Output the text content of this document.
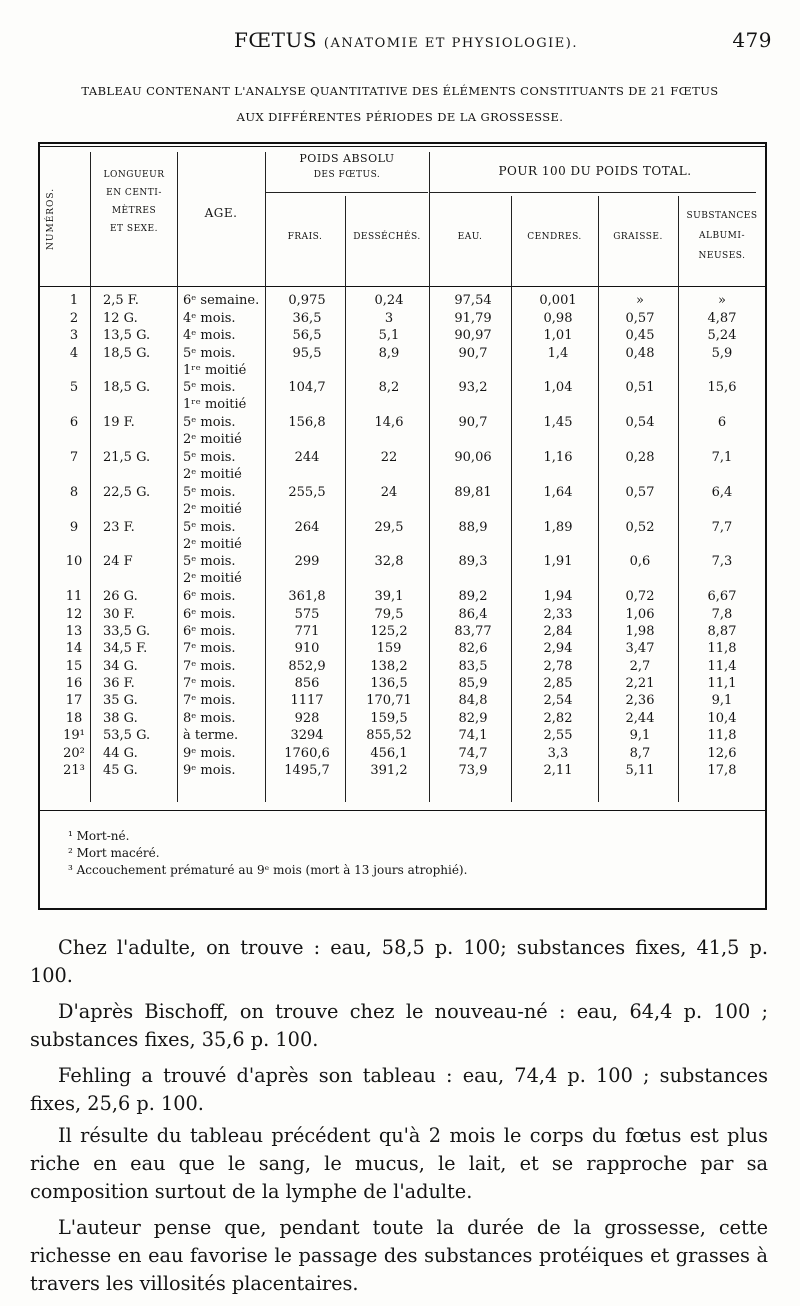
FŒTUS (ANATOMIE ET PHYSIOLOGIE).	479
TABLEAU CONTENANT L'ANALYSE QUANTITATIVE DES ÉLÉMENTS CONSTITUANTS DE 21 FŒTUS
AUX DIFFÉRENTES PÉRIODES DE LA GROSSESSE.
NUMÉROS.
LONGUEUR
EN CENTI-
MÈTRES
ET SEXE.
AGE.
POIDS ABSOLU
DES FŒTUS.
FRAIS.	DESSÉCHÉS.
POUR 100 DU POIDS TOTAL.
EAU.	CENDRES.	GRAISSE.
SUBSTANCES
ALBUMI-
NEUSES.
1	2,5 F.	6ᵉ semaine.	0,975	0,24	97,54	0,001	»	»
2	12 G.	4ᵉ mois.	36,5	3	91,79	0,98	0,57	4,87
3	13,5 G.	4ᵉ mois.	56,5	5,1	90,97	1,01	0,45	5,24
4	18,5 G.	5ᵉ mois.	95,5	8,9	90,7	1,4	0,48	5,9
1ʳᵉ moitié
5	18,5 G.	5ᵉ mois.	104,7	8,2	93,2	1,04	0,51	15,6
1ʳᵉ moitié
6	19 F.	5ᵉ mois.	156,8	14,6	90,7	1,45	0,54	6
2ᵉ moitié
7	21,5 G.	5ᵉ mois.	244	22	90,06	1,16	0,28	7,1
2ᵉ moitié
8	22,5 G.	5ᵉ mois.	255,5	24	89,81	1,64	0,57	6,4
2ᵉ moitié
9	23 F.	5ᵉ mois.	264	29,5	88,9	1,89	0,52	7,7
2ᵉ moitié
10 24 F	5ᵉ mois.	299	32,8	89,3	1,91	0,6	7,3
2ᵉ moitié
11 26 G.	6ᵉ mois.	361,8	39,1	89,2	1,94	0,72	6,67
12 30 F.	6ᵉ mois.	575	79,5	86,4	2,33	1,06	7,8
13 33,5 G.	6ᵉ mois.	771	125,2	83,77	2,84	1,98	8,87
14 34,5 F.	7ᵉ mois.	910	159	82,6	2,94	3,47	11,8
15 34 G.	7ᵉ mois.	852,9	138,2	83,5	2,78	2,7	11,4
16 36 F.	7ᵉ mois.	856	136,5	85,9	2,85	2,21	11,1
17 35 G.	7ᵉ mois.	1117	170,71	84,8	2,54	2,36	9,1
18 38 G.	8ᵉ mois.	928	159,5	82,9	2,82	2,44	10,4
19¹ 53,5 G.	à terme.	3294	855,52	74,1	2,55	9,1	11,8
20² 44 G.	9ᵉ mois.	1760,6	456,1	74,7	3,3	8,7	12,6
21³ 45 G.	9ᵉ mois.	1495,7	391,2	73,9	2,11	5,11	17,8
¹ Mort-né.
² Mort macéré.
³ Accouchement prématuré au 9ᵉ mois (mort à 13 jours atrophié).

Chez l'adulte, on trouve : eau, 58,5 p. 100; substances fixes, 41,5 p. 100.

D'après Bischoff, on trouve chez le nouveau-né : eau, 64,4 p. 100 ; substances fixes, 35,6 p. 100.

Fehling a trouvé d'après son tableau : eau, 74,4 p. 100 ; substances fixes, 25,6 p. 100.

Il résulte du tableau précédent qu'à 2 mois le corps du fœtus est plus riche en eau que le sang, le mucus, le lait, et se rapproche par sa composition surtout de la lymphe de l'adulte.

L'auteur pense que, pendant toute la durée de la grossesse, cette richesse en eau favorise le passage des substances protéiques et grasses à travers les villosités placentaires.
